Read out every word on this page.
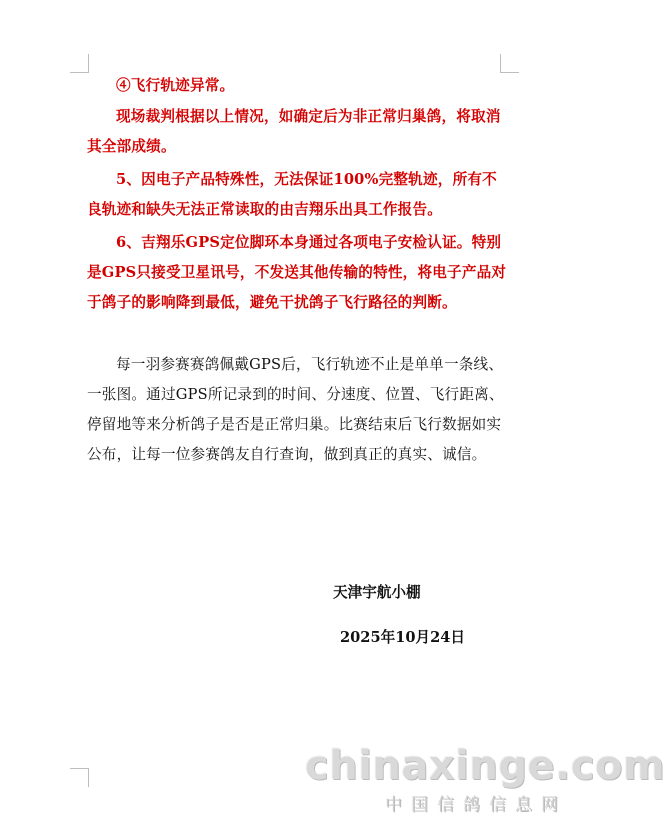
④飞行轨迹异常。

现场裁判根据以上情况，如确定后为非正常归巢鸽，将取消其全部成绩。

5、因电子产品特殊性，无法保证100%完整轨迹，所有不良轨迹和缺失无法正常读取的由吉翔乐出具工作报告。

6、吉翔乐GPS定位脚环本身通过各项电子安检认证。特别是GPS只接受卫星讯号，不发送其他传输的特性，将电子产品对于鸽子的影响降到最低，避免干扰鸽子飞行路径的判断。

每一羽参赛赛鸽佩戴GPS后，飞行轨迹不止是单单一条线、一张图。通过GPS所记录到的时间、分速度、位置、飞行距离、停留地等来分析鸽子是否是正常归巢。比赛结束后飞行数据如实公布，让每一位参赛鸽友自行查询，做到真正的真实、诚信。

天津宇航小棚
2025年10月24日
chinaxinge.com
中国信鸽信息网
